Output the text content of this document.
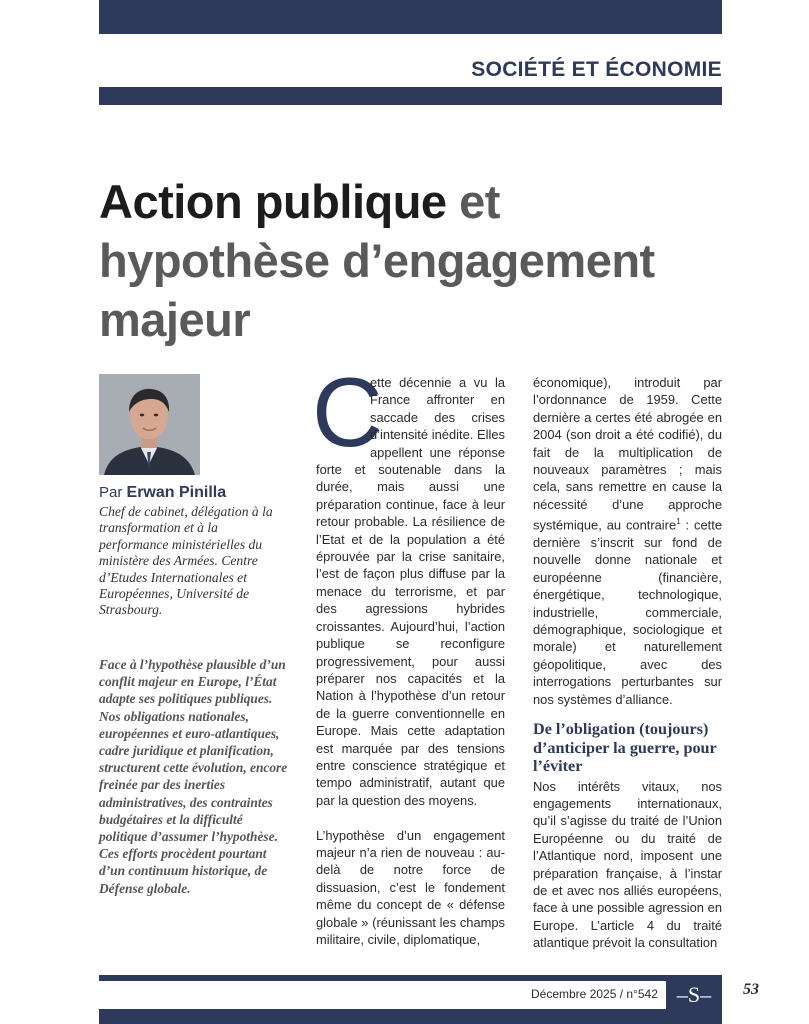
SOCIÉTÉ ET ÉCONOMIE
Action publique et
hypothèse d’engagement
majeur
Par Erwan Pinilla
Chef de cabinet, délégation à la transformation et à la performance ministérielles du ministère des Armées. Centre d’Etudes Internationales et Européennes, Université de Strasbourg.
Face à l’hypothèse plausible d’un conflit majeur en Europe, l’État adapte ses politiques publiques. Nos obligations nationales, européennes et euro-atlantiques, cadre juridique et planification, structurent cette évolution, encore freinée par des inerties administratives, des contraintes budgétaires et la difficulté politique d’assumer l’hypothèse. Ces efforts procèdent pourtant d’un continuum historique, de Défense globale.

C
ette décennie a vu la France affronter en saccade des crises d’intensité inédite. Elles appellent une réponse forte et soutenable dans la durée, mais aussi une préparation continue, face à leur retour probable. La résilience de l’Etat et de la population a été éprouvée par la crise sanitaire, l’est de façon plus diffuse par la menace du terrorisme, et par des agressions hybrides croissantes. Aujourd’hui, l’action publique se reconfigure progressivement, pour aussi préparer nos capacités et la Nation à l’hypothèse d’un retour de la guerre conventionnelle en Europe. Mais cette adaptation est marquée par des tensions entre conscience stratégique et tempo administratif, autant que par la question des moyens.

L’hypothèse d’un engagement majeur n’a rien de nouveau : au-delà de notre force de dissuasion, c’est le fondement même du concept de « défense globale » (réunissant les champs militaire, civile, diplomatique,

économique), introduit par l’ordonnance de 1959. Cette dernière a certes été abrogée en 2004 (son droit a été codifié), du fait de la multiplication de nouveaux paramètres ; mais cela, sans remettre en cause la nécessité d’une approche systémique, au contraire$^1$ : cette dernière s’inscrit sur fond de nouvelle donne nationale et européenne (financière, énergétique, technologique, industrielle, commerciale, démographique, sociologique et morale) et naturellement géopolitique, avec des interrogations perturbantes sur nos systèmes d’alliance.

De l’obligation (toujours) d’anticiper la guerre, pour l’éviter

Nos intérêts vitaux, nos engagements internationaux, qu’il s’agisse du traité de l’Union Européenne ou du traité de l’Atlantique nord, imposent une préparation française, à l’instar de et avec nos alliés européens, face à une possible agression en Europe. L’article 4 du traité atlantique prévoit la consultation

Décembre 2025 / n°542 –S–	53
